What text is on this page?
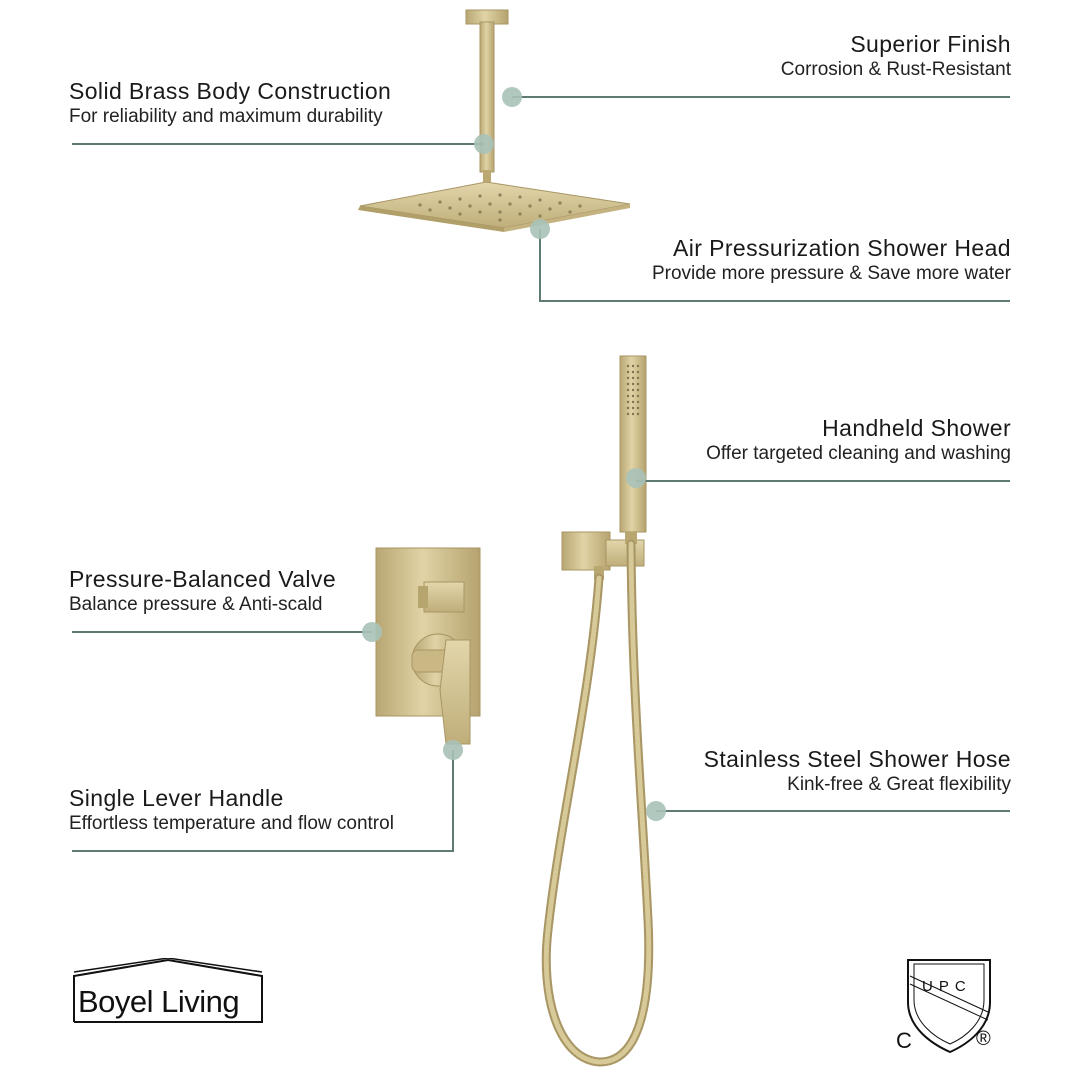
Superior Finish
Corrosion & Rust-Resistant
Solid Brass Body Construction
For reliability and maximum durability
Air Pressurization Shower Head
Provide more pressure & Save more water
Handheld Shower
Offer targeted cleaning and washing
Pressure-Balanced Valve
Balance pressure & Anti-scald
Stainless Steel Shower Hose
Kink-free & Great flexibility
Single Lever Handle
Effortless temperature and flow control
Boyel Living	UPC
C	®
